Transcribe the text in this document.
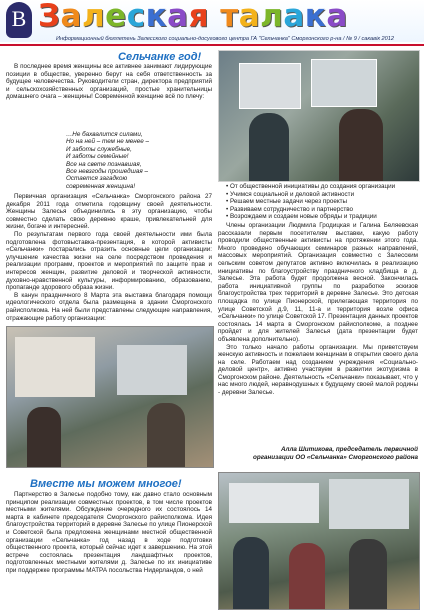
В Залеская талака
Информационный бюллетень Залесского социально-досугового центра ГА "Сельчанка" Сморгонского р-на / № 9 / сакавік 2012
Сельчанке год!

В последнее время женщины все активнее занимают лидирующие позиции в обществе, уверенно берут на себя ответственность за будущее человечества. Руководители стран, директора предприятий и сельскохозяйственных организаций, простые хранительницы домашнего очага – женщины! Современной женщине всё по плечу:

…Не бахвалится силами,
Но на ней – тем не менее –
И заботы служебные,
И заботы семейные!
Все на свете познавшая,
Все невзгоды прошедшая –
Остается загадкою
современная женщина!

Первичная организация «Сельчанка» Сморгонского района 27 декабря 2011 года отметила годовщину своей деятельности. Женщины Залесья объединились в эту организацию, чтобы совместно сделать свою деревню краше, привлекательней для жизни, богаче и интересней.

По результатам первого года своей деятельности ими была подготовлена фотовыставка-презентация, в которой активисты «Сельчанки» постарались отразить основные цели организации: улучшение качества жизни на селе посредством проведения и реализации программ, проектов и мероприятий по защите прав и интересов женщин, развитие деловой и творческой активности, духовно-нравственной культуры, информированию, образованию, пропаганде здорового образа жизни.

В канун праздничного 8 Марта эта выставка благодаря помощи идеологического отдела была размещена в здании Сморгонского райисполкома. На ней были представлены следующие направления, отражающие работу организации:

• От общественной инициативы до создания организации
• Учимся социальной и деловой активности
• Решаем местные задачи через проекты
• Развиваем сотрудничество и партнерство
• Возрождаем и создаем новые обряды и традиции

Члены организации Людмила Гродицкая и Галина Беляевская рассказали первым посетителям выставки, какую работу проводили общественные активисты на протяжении этого года. Много проведено обучающих семинаров разных направлений, массовых мероприятий. Организация совместно с Залесским сельским советом депутатов активно включилась в реализацию инициативы по благоустройству праздничного кладбища в д. Залесье. Эта работа будет продолжена весной. Закончилась работа инициативной группы по разработке эскизов благоустройства трех территорий в деревне Залесье. Это детская площадка по улице Пионерской, прилегающая территория по улице Советской д.9, 11, 11-а и территория возле офиса «Сельчанки» по улице Советской 17. Презентация данных проектов состоялась 14 марта в Сморгонском райисполкоме, а позднее пройдет и для жителей Залесья (дата презентации будет объявлена дополнительно).

Это только начало работы организации. Мы приветствуем женскую активность и пожелаем женщинам в открытии своего дела на селе. Работаем над созданием учреждения «Социально-деловой центр», активно участвуем в развитии экотуризма в Сморгонском районе. Деятельность «Сельчанки» показывает, что у нас много людей, неравнодушных к будущему своей малой родины - деревни Залесье.

Алла Шитикова, председатель первичной
организации ОО «Сельчанка» Сморгонского района
Вместе мы можем многое!

Партнерство в Залесье подобно тому, как давно стало основным принципом реализации совместных проектов, в том числе проектов местными жителями. Обсуждение очередного их состоялось 14 марта в кабинете председателя Сморгонского райисполкома. Идея благоустройства территорий в деревне Залесье по улице Пионерской и Советской была предложена женщинами местной общественной организации «Сельчанка» год назад в ходе подготовки общественного проекта, который сейчас идет к завершению. На этой встрече состоялась презентация ландшафтных проектов, подготовленных местными жителями д. Залесье по их инициативе при поддержке программы МАТРА посольства Нидерландов, о ней
